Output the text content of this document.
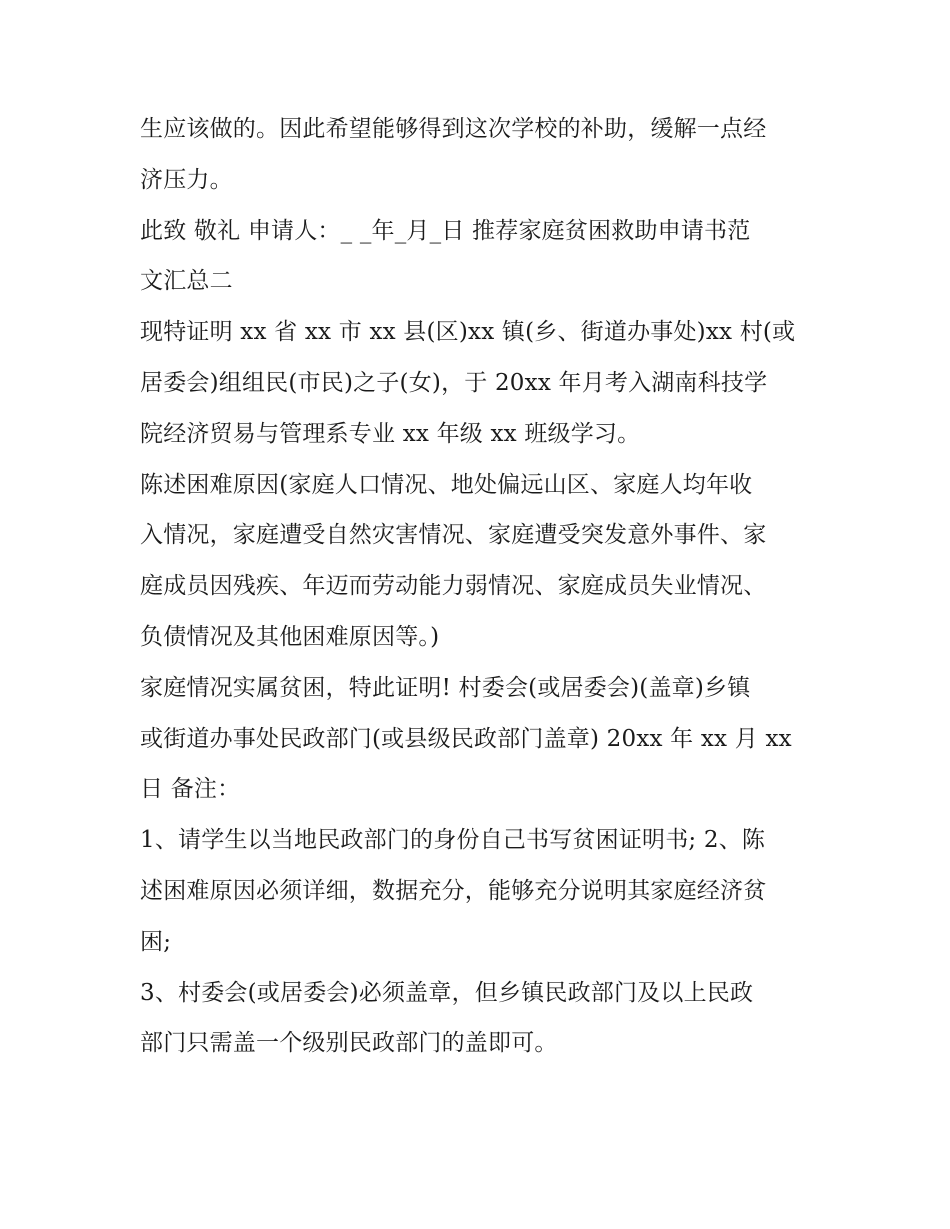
生应该做的。因此希望能够得到这次学校的补助，缓解一点经
济压力。
此致 敬礼 申请人：_ _年_月_日 推荐家庭贫困救助申请书范
文汇总二
现特证明 xx 省 xx 市 xx 县(区)xx 镇(乡、街道办事处)xx 村(或
居委会)组组民(市民)之子(女)，于 20xx 年月考入湖南科技学
院经济贸易与管理系专业 xx 年级 xx 班级学习。
陈述困难原因(家庭人口情况、地处偏远山区、家庭人均年收
入情况，家庭遭受自然灾害情况、家庭遭受突发意外事件、家
庭成员因残疾、年迈而劳动能力弱情况、家庭成员失业情况、
负债情况及其他困难原因等。)
家庭情况实属贫困，特此证明! 村委会(或居委会)(盖章)乡镇
或街道办事处民政部门(或县级民政部门盖章) 20xx 年 xx 月 xx
日 备注：
1、请学生以当地民政部门的身份自己书写贫困证明书; 2、陈
述困难原因必须详细，数据充分，能够充分说明其家庭经济贫
困;
3、村委会(或居委会)必须盖章，但乡镇民政部门及以上民政
部门只需盖一个级别民政部门的盖即可。
